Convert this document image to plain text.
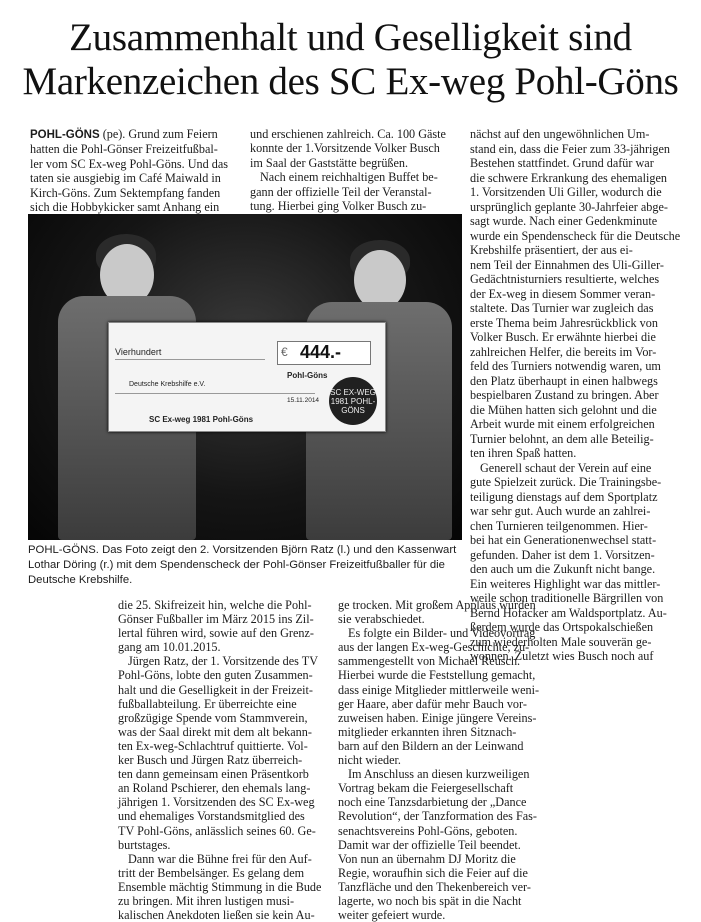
Zusammenhalt und Geselligkeit sind
Markenzeichen des SC Ex-weg Pohl-Göns
POHL-GÖNS (pe). Grund zum Feiern
hatten die Pohl-Gönser Freizeitfußbal-
ler vom SC Ex-weg Pohl-Göns. Und das
taten sie ausgiebig im Café Maiwald in
Kirch-Göns. Zum Sektempfang fanden
sich die Hobbykicker samt Anhang ein
und erschienen zahlreich. Ca. 100 Gäste
konnte der 1.Vorsitzende Volker Busch
im Saal der Gaststätte begrüßen.
Nach einem reichhaltigen Buffet be-
gann der offizielle Teil der Veranstal-
tung. Hierbei ging Volker Busch zu-
nächst auf den ungewöhnlichen Um-
stand ein, dass die Feier zum 33-jährigen
Bestehen stattfindet. Grund dafür war
die schwere Erkrankung des ehemaligen
1. Vorsitzenden Uli Giller, wodurch die
ursprünglich geplante 30-Jahrfeier abge-
sagt wurde. Nach einer Gedenkminute
wurde ein Spendenscheck für die Deutsche
Krebshilfe präsentiert, der aus ei-
nem Teil der Einnahmen des Uli-Giller-
Gedächtnisturniers resultierte, welches
der Ex-weg in diesem Sommer veran-
staltete. Das Turnier war zugleich das
erste Thema beim Jahresrückblick von
Volker Busch. Er erwähnte hierbei die
zahlreichen Helfer, die bereits im Vor-
feld des Turniers notwendig waren, um
den Platz überhaupt in einen halbwegs
bespielbaren Zustand zu bringen. Aber
die Mühen hatten sich gelohnt und die
Arbeit wurde mit einem erfolgreichen
Turnier belohnt, an dem alle Beteilig-
ten ihren Spaß hatten.
Generell schaut der Verein auf eine
gute Spielzeit zurück. Die Trainingsbe-
teiligung dienstags auf dem Sportplatz
war sehr gut. Auch wurde an zahlrei-
chen Turnieren teilgenommen. Hier-
bei hat ein Generationenwechsel statt-
gefunden. Daher ist dem 1. Vorsitzen-
den auch um die Zukunft nicht bange.
Ein weiteres Highlight war das mittler-
weile schon traditionelle Bärgrillen von
Bernd Hofacker am Waldsportplatz. Au-
ßerdem wurde das Ortspokalschießen
zum wiederholten Male souverän ge-
wonnen. Zuletzt wies Busch noch auf
Vierhundert	€ 444.-
Pohl-Göns
Deutsche Krebshilfe e.V.
15.11.2014
SC Ex-weg 1981 Pohl-Göns
SC EX-WEG 1981 POHL-GÖNS
POHL-GÖNS. Das Foto zeigt den 2. Vorsitzenden Björn Ratz (l.) und den Kassenwart Lothar Döring (r.) mit dem Spendenscheck der Pohl-Gönser Freizeitfußballer für die Deutsche Krebshilfe.
die 25. Skifreizeit hin, welche die Pohl-
Gönser Fußballer im März 2015 ins Zil-
lertal führen wird, sowie auf den Grenz-
gang am 10.01.2015.
Jürgen Ratz, der 1. Vorsitzende des TV
Pohl-Göns, lobte den guten Zusammen-
halt und die Geselligkeit in der Freizeit-
fußballabteilung. Er überreichte eine
großzügige Spende vom Stammverein,
was der Saal direkt mit dem alt bekann-
ten Ex-weg-Schlachtruf quittierte. Vol-
ker Busch und Jürgen Ratz überreich-
ten dann gemeinsam einen Präsentkorb
an Roland Pschierer, den ehemals lang-
jährigen 1. Vorsitzenden des SC Ex-weg
und ehemaliges Vorstandsmitglied des
TV Pohl-Göns, anlässlich seines 60. Ge-
burtstages.
Dann war die Bühne frei für den Auf-
tritt der Bembelsänger. Es gelang dem
Ensemble mächtig Stimmung in die Bude
zu bringen. Mit ihren lustigen musi-
kalischen Anekdoten ließen sie kein Au-
ge trocken. Mit großem Applaus wurden
sie verabschiedet.
Es folgte ein Bilder- und Videovortrag
aus der langen Ex-weg-Geschichte, zu-
sammengestellt von Michael Reusch.
Hierbei wurde die Feststellung gemacht,
dass einige Mitglieder mittlerweile weni-
ger Haare, aber dafür mehr Bauch vor-
zuweisen haben. Einige jüngere Vereins-
mitglieder erkannten ihren Sitznach-
barn auf den Bildern an der Leinwand
nicht wieder.
Im Anschluss an diesen kurzweiligen
Vortrag bekam die Feiergesellschaft
noch eine Tanzsdarbietung der „Dance
Revolution“, der Tanzformation des Fas-
senachtsvereins Pohl-Göns, geboten.
Damit war der offizielle Teil beendet.
Von nun an übernahm DJ Moritz die
Regie, woraufhin sich die Feier auf die
Tanzfläche und den Thekenbereich ver-
lagerte, wo noch bis spät in die Nacht
weiter gefeiert wurde.
